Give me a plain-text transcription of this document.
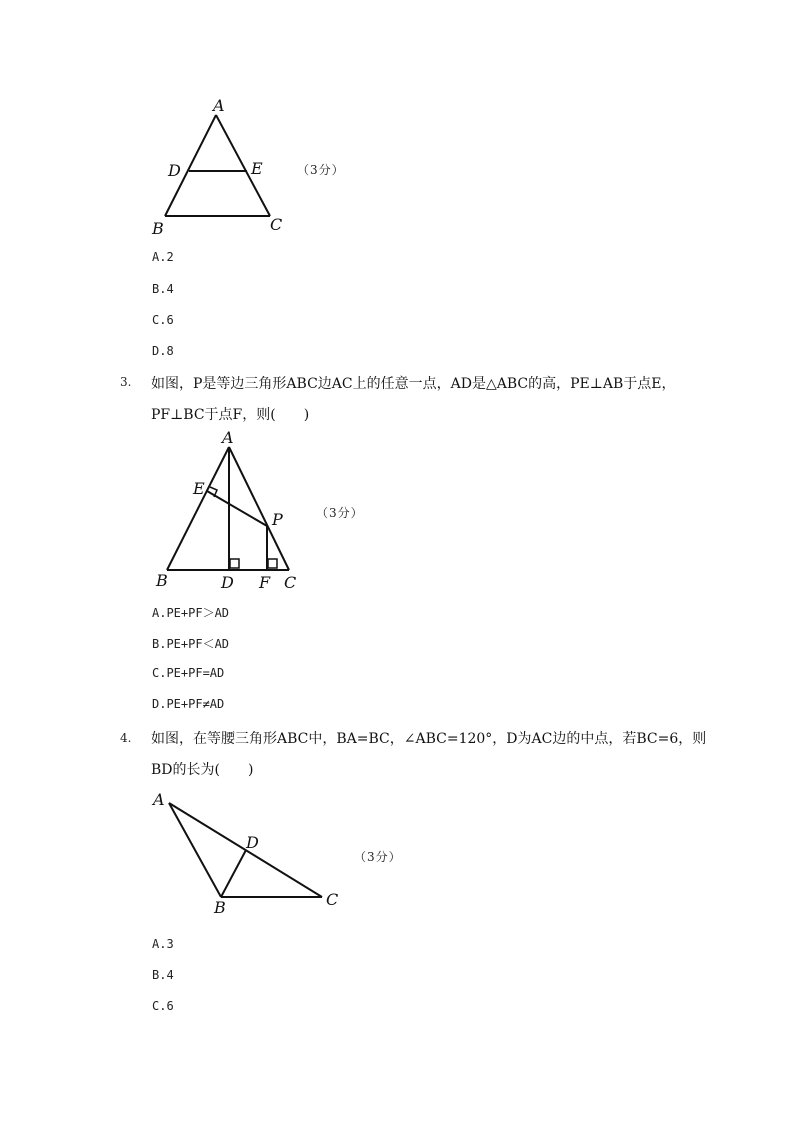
A
D	E
B	C
A
E
P
B	D F C
A
D
B	C
（3分）
A.2
B.4
C.6
D.8
3. 如图，P是等边三角形ABC边AC上的任意一点，AD是△ABC的高，PE⊥AB于点E，
PF⊥BC于点F，则(　　)
（3分）
A.PE+PF＞AD
B.PE+PF＜AD
C.PE+PF=AD
D.PE+PF≠AD
4. 如图，在等腰三角形ABC中，BA=BC，∠ABC=120°，D为AC边的中点，若BC=6，则
BD的长为(　　)
（3分）
A.3
B.4
C.6
